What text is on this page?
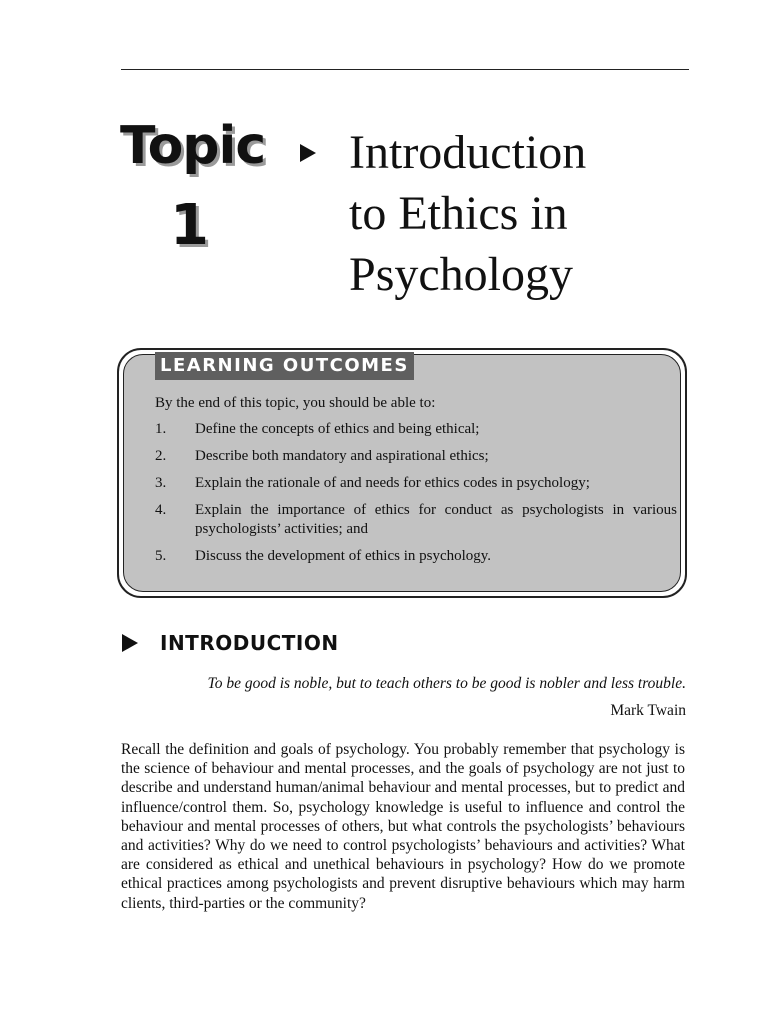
Topic
1
Introduction
to Ethics in
Psychology
LEARNING OUTCOMES
By the end of this topic, you should be able to:
1. Define the concepts of ethics and being ethical;
2. Describe both mandatory and aspirational ethics;
3. Explain the rationale of and needs for ethics codes in psychology;
4. Explain the importance of ethics for conduct as psychologists in various psychologists’ activities; and
5. Discuss the development of ethics in psychology.
INTRODUCTION
To be good is noble, but to teach others to be good is nobler and less trouble.
Mark Twain

Recall the definition and goals of psychology. You probably remember that psychology is the science of behaviour and mental processes, and the goals of psychology are not just to describe and understand human/animal behaviour and mental processes, but to predict and influence/control them. So, psychology knowledge is useful to influence and control the behaviour and mental processes of others, but what controls the psychologists’ behaviours and activities? Why do we need to control psychologists’ behaviours and activities? What are considered as ethical and unethical behaviours in psychology? How do we promote ethical practices among psychologists and prevent disruptive behaviours which may harm clients, third-parties or the community?
